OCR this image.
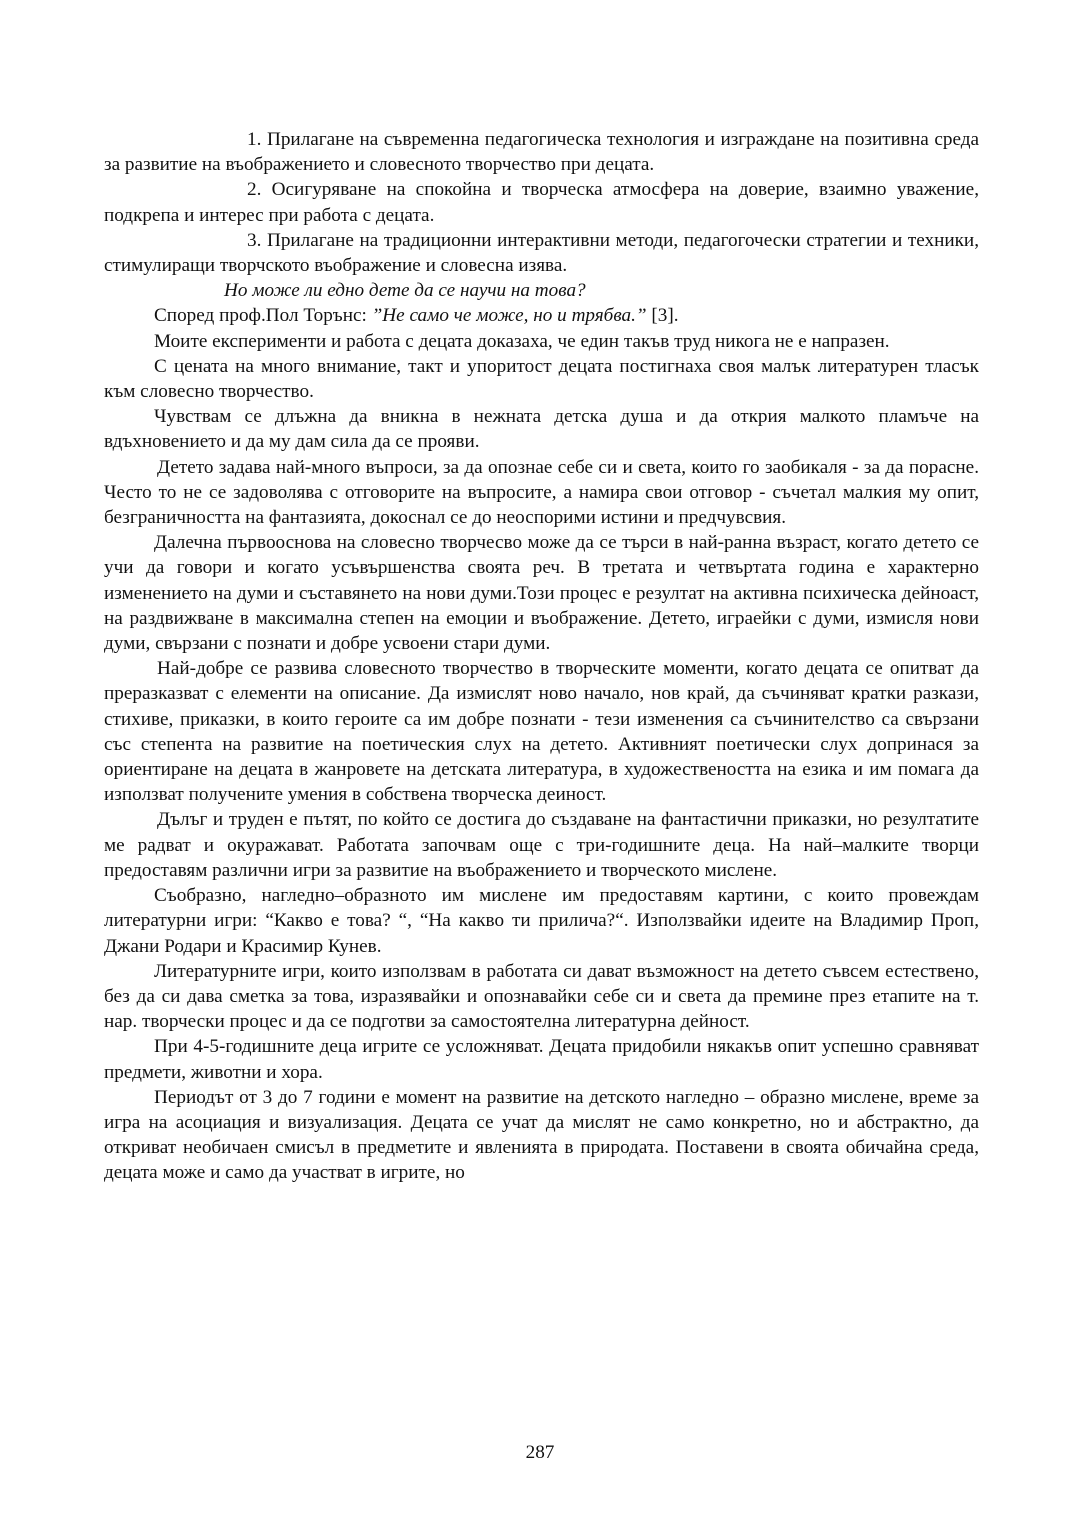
1. Прилагане на съвременна педагогическа технология и изграждане на позитивна среда за развитие на въображението и словесното творчество при децата.

2. Осигуряване на спокойна и творческа атмосфера на доверие, взаимно уважение, подкрепа и интерес при работа с децата.

3. Прилагане на традиционни интерактивни методи, педагогочески стратегии и техники, стимулиращи творчското въображение и словесна изява.

Но може ли едно дете да се научи на това?

Според проф.Пол Торънс: ”Не само че може, но и трябва.” [3].

Моите експерименти и работа с децата доказаха, че един такъв труд никога не е напразен.

С цената на много внимание, такт и упоритост децата постигнаха своя малък литературен тласък към словесно творчество.

Чувствам се длъжна да вникна в нежната детска душа и да открия малкото пламъче на вдъхновението и да му дам сила да се прояви.

Детето задава най-много въпроси, за да опознае себе си и света, които го заобикаля - за да порасне. Често то не се задоволява с отговорите на въпросите, а намира свои отговор - съчетал малкия му опит, безграничността на фантазията, докоснал се до неоспорими истини и предчувсвия.

Далечна първооснова на словесно творчесво може да се търси в най-ранна възраст, когато детето се учи да говори и когато усъвършенства своята реч. В третата и четвъртата година е характерно изменението на думи и съставянето на нови думи.Този процес е резултат на активна психическа дейноаст, на раздвижване в максимална степен на емоции и въображение. Детето, играейки с думи, измисля нови думи, свързани с познати и добре усвоени стари думи.

Най-добре се развива словесното творчество в творческите моменти, когато децата се опитват да преразказват с елементи на описание. Да измислят ново начало, нов край, да съчиняват кратки разкази, стихиве, приказки, в които героите са им добре познати - тези изменения са съчинителство са свързани със степента на развитие на поетическия слух на детето. Активният поетически слух допринася за ориентиране на децата в жанровете на детската литература, в художествеността на езика и им помага да използват получените умения в собствена творческа деиност.

Дълъг и труден е пътят, по който се достига до създаване на фантастични приказки, но резултатите ме радват и окуражават. Работата започвам още с три-годишните деца. На най–малките творци предоставям различни игри за развитие на въображението и творческото мислене.

Съобразно, нагледно–образното им мислене им предоставям картини, с които провеждам литературни игри: “Какво е това? “, “На какво ти прилича?“. Използвайки идеите на Владимир Проп, Джани Родари и Красимир Кунев.

Литературните игри, които използвам в работата си дават възможност на детето съвсем естествено, без да си дава сметка за това, изразявайки и опознавайки себе си и света да премине през етапите на т. нар. творчески процес и да се подготви за самостоятелна литературна дейност.

При 4-5-годишните деца игрите се усложняват. Децата придобили някакъв опит успешно сравняват предмети, животни и хора.

Периодът от 3 до 7 години е момент на развитие на детското нагледно – образно мислене, време за игра на асоциация и визуализация. Децата се учат да мислят не само конкретно, но и абстрактно, да откриват необичаен смисъл в предметите и явленията в природата. Поставени в своята обичайна среда, децата може и само да участват в игрите, но

287
